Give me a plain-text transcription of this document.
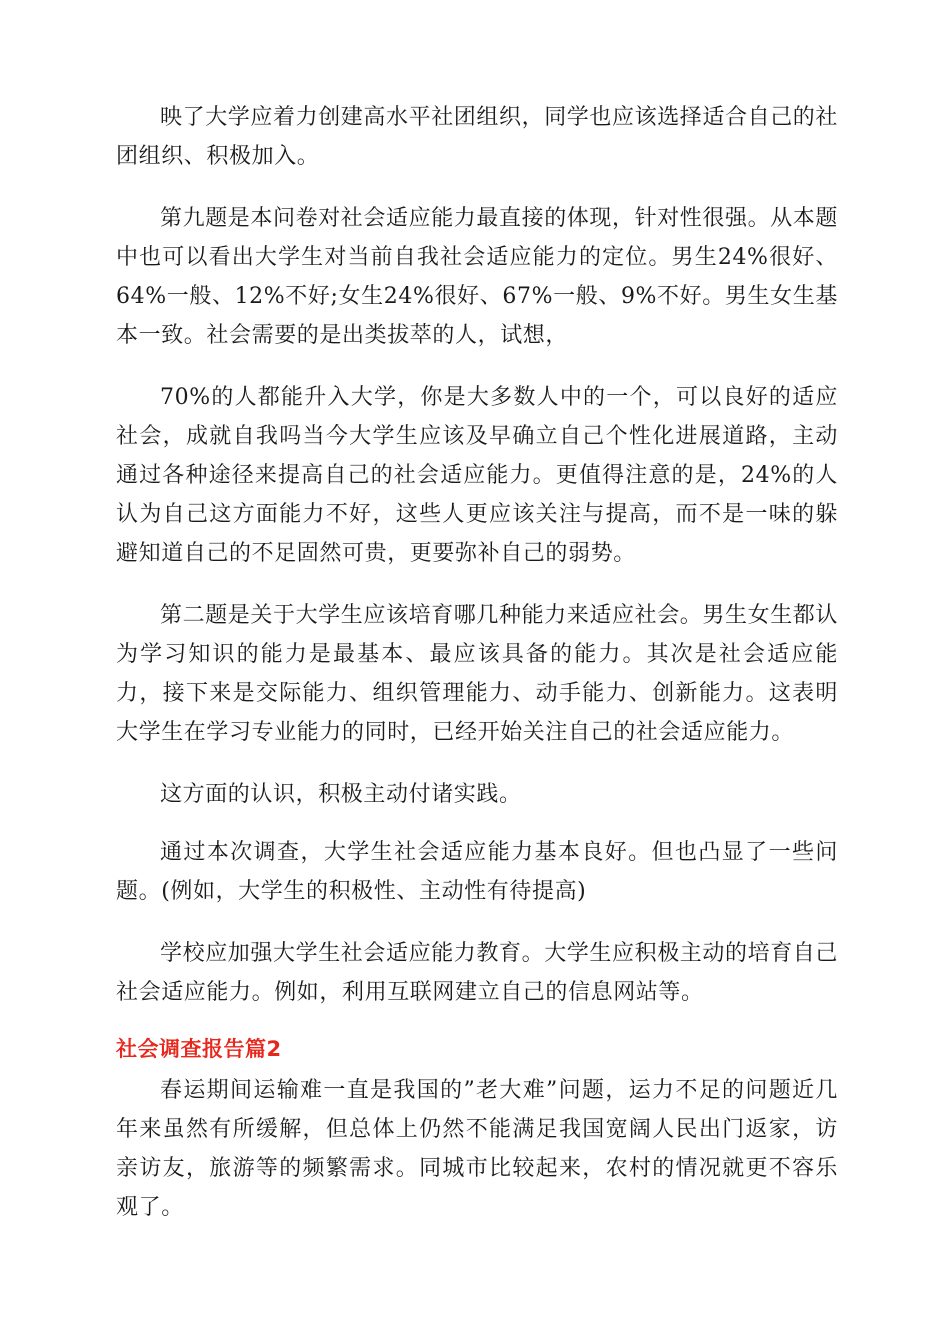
映了大学应着力创建高水平社团组织，同学也应该选择适合自己的社团组织、积极加入。

第九题是本问卷对社会适应能力最直接的体现，针对性很强。从本题中也可以看出大学生对当前自我社会适应能力的定位。男生24%很好、64%一般、12%不好;女生24%很好、67%一般、9%不好。男生女生基本一致。社会需要的是出类拔萃的人，试想，

70%的人都能升入大学，你是大多数人中的一个，可以良好的适应社会，成就自我吗当今大学生应该及早确立自己个性化进展道路，主动通过各种途径来提高自己的社会适应能力。更值得注意的是，24%的人认为自己这方面能力不好，这些人更应该关注与提高，而不是一味的躲避知道自己的不足固然可贵，更要弥补自己的弱势。

第二题是关于大学生应该培育哪几种能力来适应社会。男生女生都认为学习知识的能力是最基本、最应该具备的能力。其次是社会适应能力，接下来是交际能力、组织管理能力、动手能力、创新能力。这表明大学生在学习专业能力的同时，已经开始关注自己的社会适应能力。

这方面的认识，积极主动付诸实践。

通过本次调查，大学生社会适应能力基本良好。但也凸显了一些问题。(例如，大学生的积极性、主动性有待提高)

学校应加强大学生社会适应能力教育。大学生应积极主动的培育自己社会适应能力。例如，利用互联网建立自己的信息网站等。

社会调查报告篇2

春运期间运输难一直是我国的”老大难”问题，运力不足的问题近几年来虽然有所缓解，但总体上仍然不能满足我国宽阔人民出门返家，访亲访友，旅游等的频繁需求。同城市比较起来，农村的情况就更不容乐观了。
